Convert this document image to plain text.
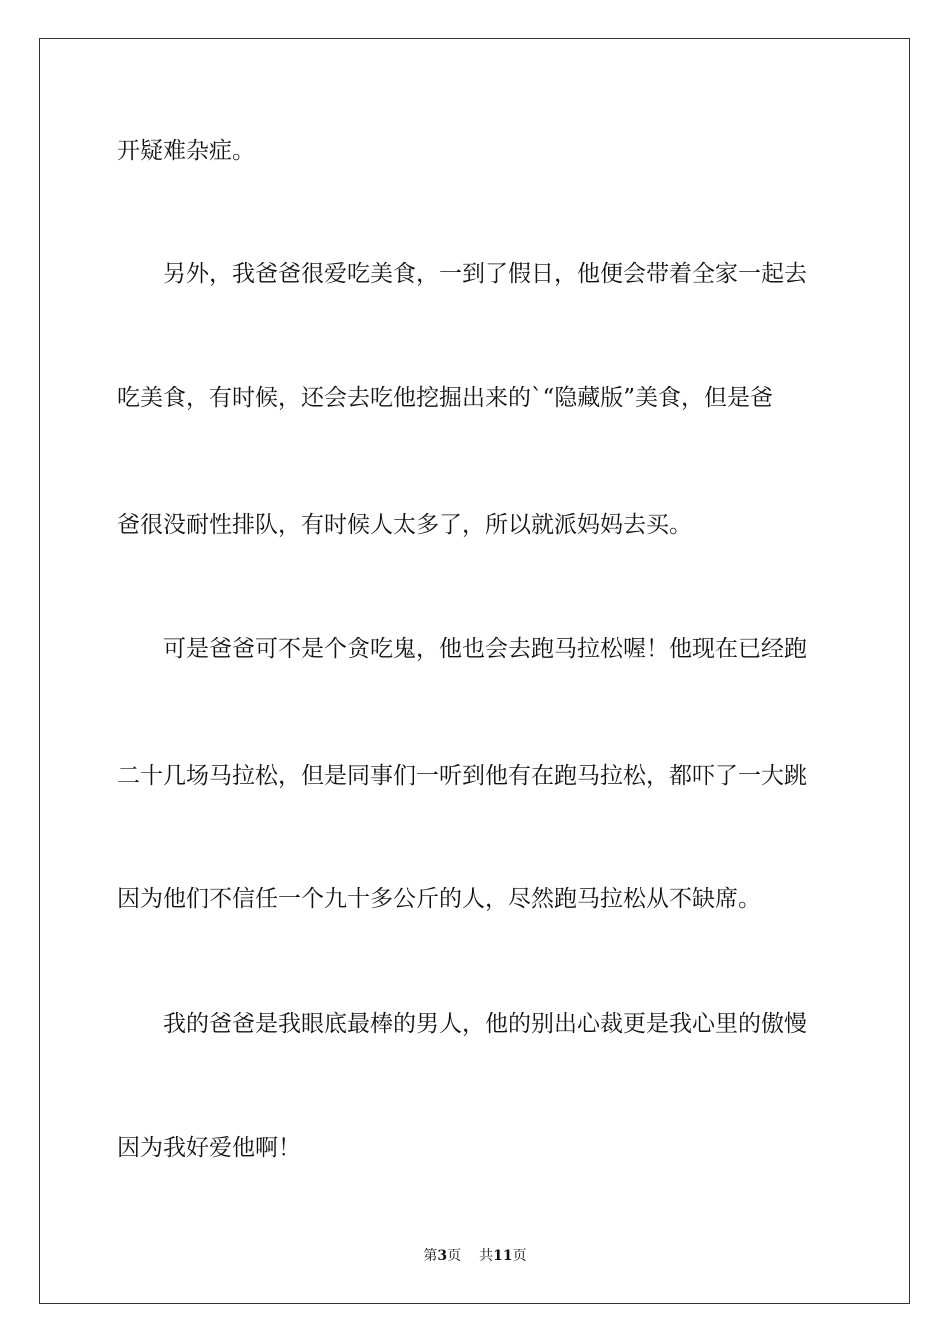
开疑难杂症。
另外，我爸爸很爱吃美食，一到了假日，他便会带着全家一起去
吃美食，有时候，还会去吃他挖掘出来的`“隐藏版”美食，但是爸
爸很没耐性排队，有时候人太多了，所以就派妈妈去买。
可是爸爸可不是个贪吃鬼，他也会去跑马拉松喔！他现在已经跑
二十几场马拉松，但是同事们一听到他有在跑马拉松，都吓了一大跳
因为他们不信任一个九十多公斤的人，尽然跑马拉松从不缺席。
我的爸爸是我眼底最棒的男人，他的别出心裁更是我心里的傲慢
因为我好爱他啊！
第3页 共11页
